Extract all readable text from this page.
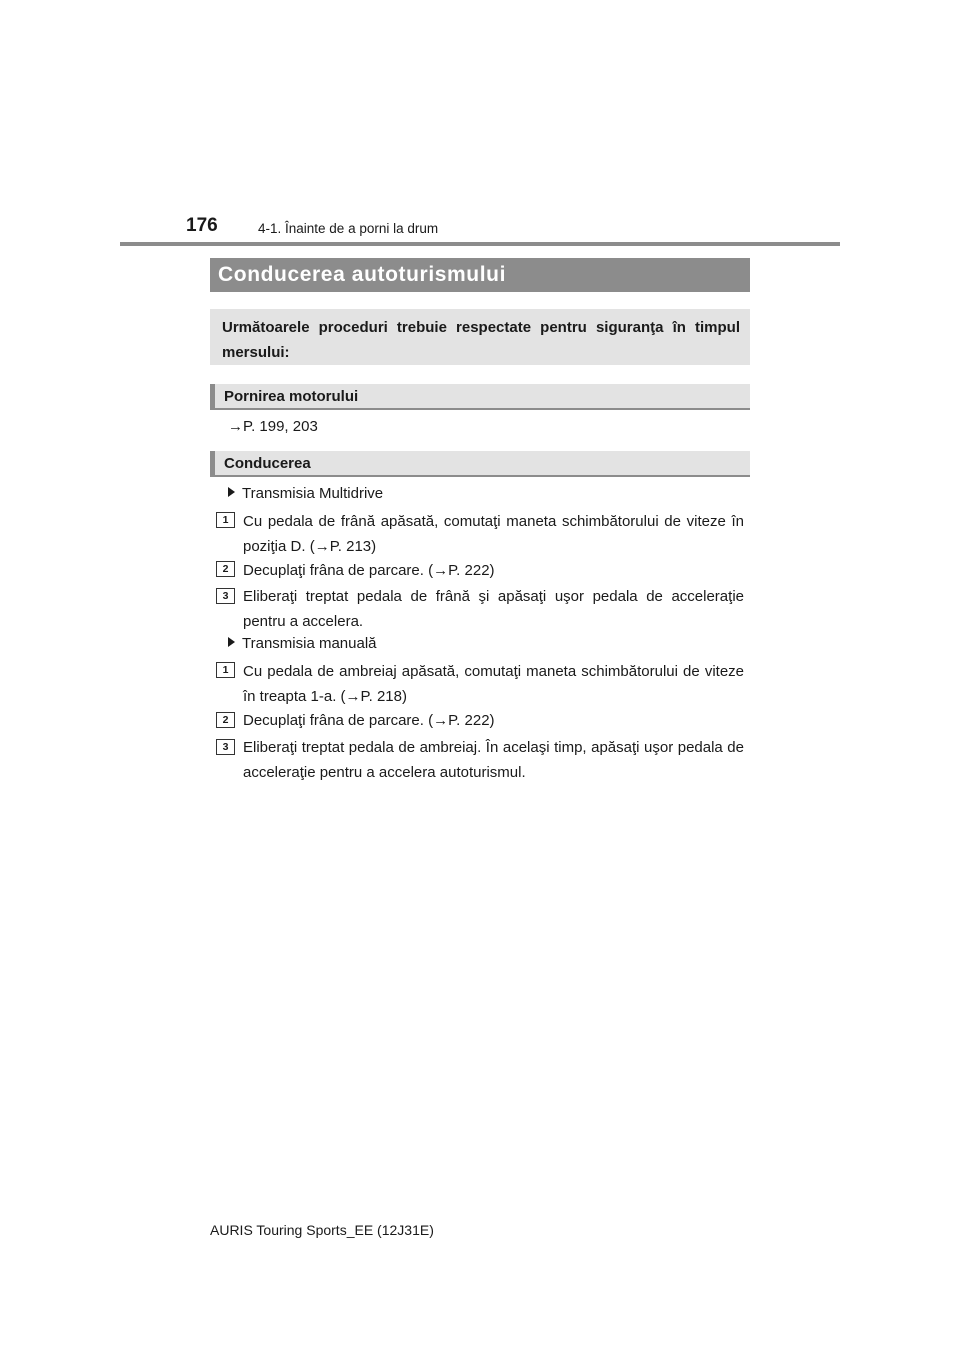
176	4-1. Înainte de a porni la drum
Conducerea autoturismului
Următoarele proceduri trebuie respectate pentru siguranţa în timpul mersului:
Pornirea motorului
→P. 199, 203
Conducerea
Transmisia Multidrive
1 Cu pedala de frână apăsată, comutaţi maneta schimbătorului de viteze în poziţia D. (→P. 213)
2 Decuplaţi frâna de parcare. (→P. 222)
3 Eliberaţi treptat pedala de frână şi apăsaţi uşor pedala de acceleraţie pentru a accelera.
Transmisia manuală
1 Cu pedala de ambreiaj apăsată, comutaţi maneta schimbătorului de viteze în treapta 1-a. (→P. 218)
2 Decuplaţi frâna de parcare. (→P. 222)
3 Eliberaţi treptat pedala de ambreiaj. În acelaşi timp, apăsaţi uşor pedala de acceleraţie pentru a accelera autoturismul.
AURIS Touring Sports_EE (12J31E)
